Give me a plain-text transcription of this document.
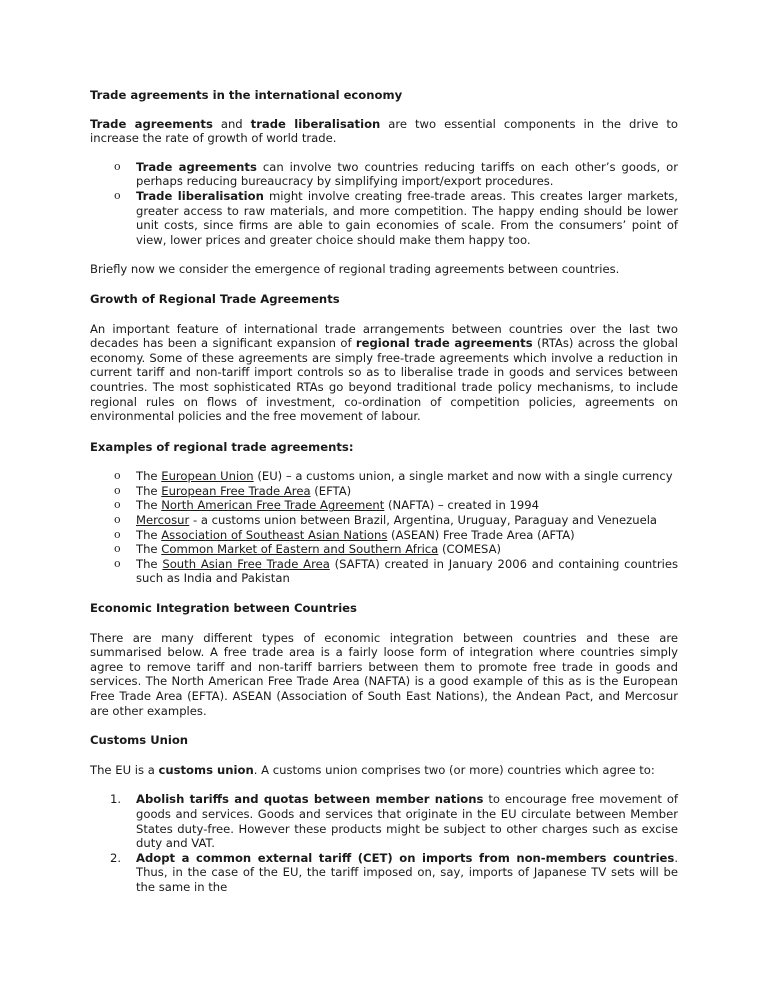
Trade agreements in the international economy

Trade agreements and trade liberalisation are two essential components in the drive to increase the rate of growth of world trade.

o Trade agreements can involve two countries reducing tariffs on each other’s goods, or perhaps reducing bureaucracy by simplifying import/export procedures.
o Trade liberalisation might involve creating free-trade areas. This creates larger markets, greater access to raw materials, and more competition. The happy ending should be lower unit costs, since firms are able to gain economies of scale. From the consumers’ point of view, lower prices and greater choice should make them happy too.

Briefly now we consider the emergence of regional trading agreements between countries.

Growth of Regional Trade Agreements

An important feature of international trade arrangements between countries over the last two decades has been a significant expansion of regional trade agreements (RTAs) across the global economy. Some of these agreements are simply free-trade agreements which involve a reduction in current tariff and non-tariff import controls so as to liberalise trade in goods and services between countries. The most sophisticated RTAs go beyond traditional trade policy mechanisms, to include regional rules on flows of investment, co-ordination of competition policies, agreements on environmental policies and the free movement of labour.

Examples of regional trade agreements:

o The European Union (EU) – a customs union, a single market and now with a single currency
o The European Free Trade Area (EFTA)
o The North American Free Trade Agreement (NAFTA) – created in 1994
o Mercosur - a customs union between Brazil, Argentina, Uruguay, Paraguay and Venezuela
o The Association of Southeast Asian Nations (ASEAN) Free Trade Area (AFTA)
o The Common Market of Eastern and Southern Africa (COMESA)
o The South Asian Free Trade Area (SAFTA) created in January 2006 and containing countries such as India and Pakistan

Economic Integration between Countries

There are many different types of economic integration between countries and these are summarised below. A free trade area is a fairly loose form of integration where countries simply agree to remove tariff and non-tariff barriers between them to promote free trade in goods and services. The North American Free Trade Area (NAFTA) is a good example of this as is the European Free Trade Area (EFTA). ASEAN (Association of South East Nations), the Andean Pact, and Mercosur are other examples.

Customs Union

The EU is a customs union. A customs union comprises two (or more) countries which agree to:

1. Abolish tariffs and quotas between member nations to encourage free movement of goods and services. Goods and services that originate in the EU circulate between Member States duty-free. However these products might be subject to other charges such as excise duty and VAT.
2. Adopt a common external tariff (CET) on imports from non-members countries. Thus, in the case of the EU, the tariff imposed on, say, imports of Japanese TV sets will be the same in the
